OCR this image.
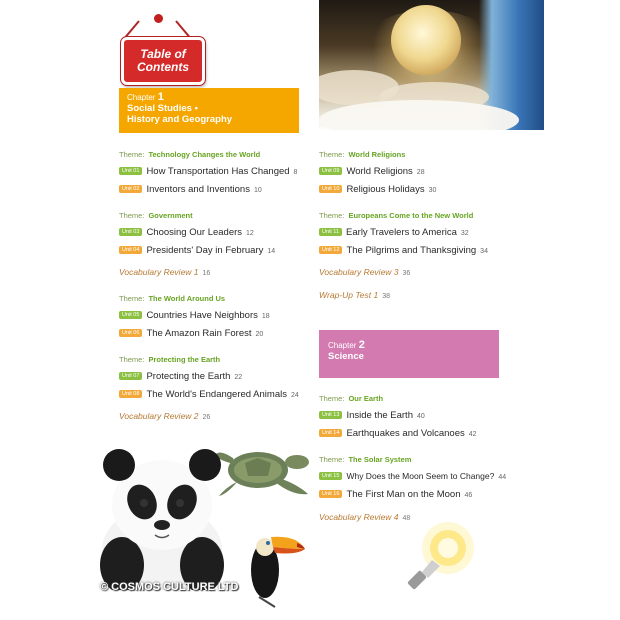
Table of
Contents
Chapter 1
Social Studies •
History and Geography
Theme: Technology Changes the World
Unit 01 How Transportation Has Changed 8
Unit 02 Inventors and Inventions 10
Theme: Government
Unit 03 Choosing Our Leaders 12
Unit 04 Presidents' Day in February 14
Vocabulary Review 1 16
Theme: The World Around Us
Unit 05 Countries Have Neighbors 18
Unit 06 The Amazon Rain Forest 20
Theme: Protecting the Earth
Unit 07 Protecting the Earth 22
Unit 08 The World's Endangered Animals 24
Vocabulary Review 2 26
Theme: World Religions
Unit 09 World Religions 28
Unit 10 Religious Holidays 30
Theme: Europeans Come to the New World
Unit 11 Early Travelers to America 32
Unit 12 The Pilgrims and Thanksgiving 34
Vocabulary Review 3 36
Wrap-Up Test 1 38
Chapter 2
Science
Theme: Our Earth
Unit 13 Inside the Earth 40
Unit 14 Earthquakes and Volcanoes 42
Theme: The Solar System
Unit 15 Why Does the Moon Seem to Change? 44
Unit 16 The First Man on the Moon 46
Vocabulary Review 4 48
© COSMOS CULTURE LTD
